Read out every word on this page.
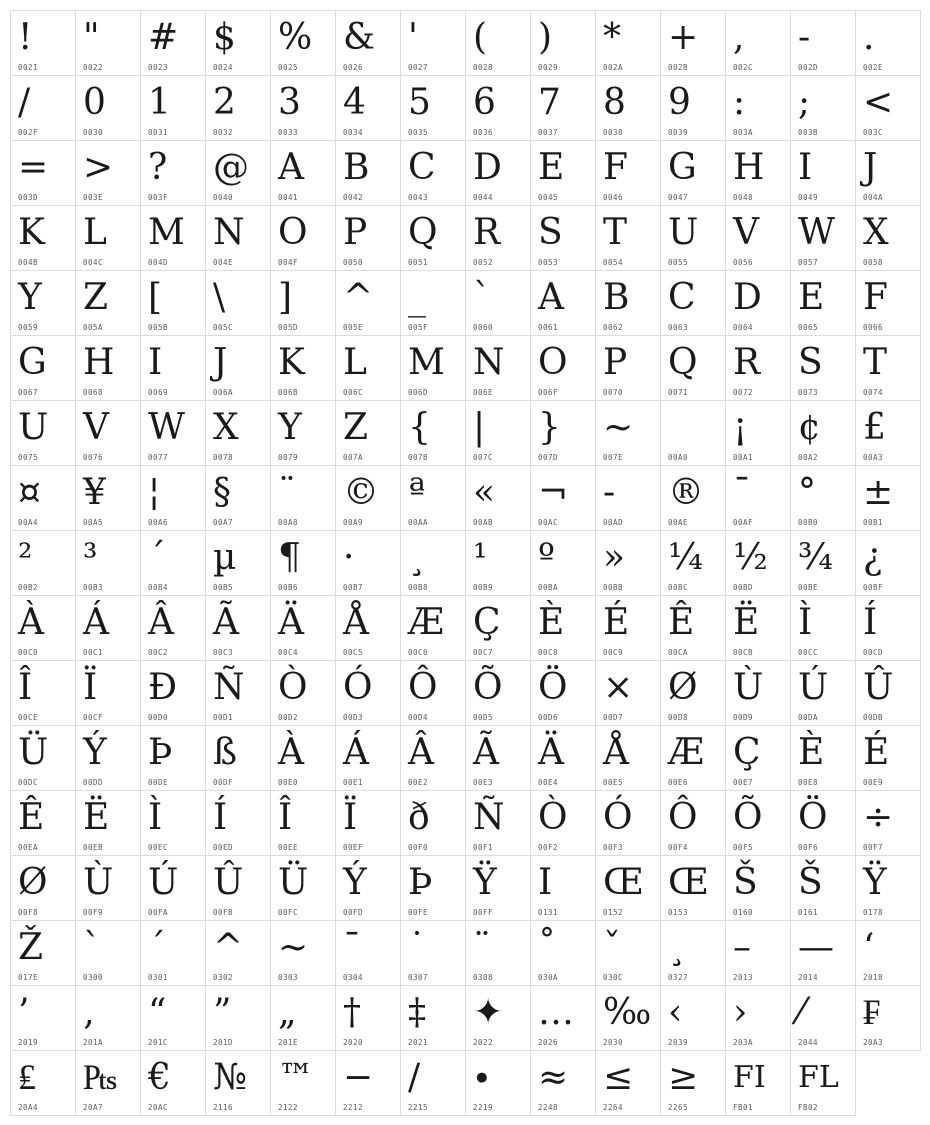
!
0021
"
0022
#
0023
$
0024
%
0025
&
0026
'
0027
(
0028
)
0029
*
002A
+
002B
,
002C
-
002D
.
002E
/
002F
0
0030
1
0031
2
0032
3
0033
4
0034
5
0035
6
0036
7
0037
8
0038
9
0039
:
003A
;
003B
<
003C
=
003D
>
003E
?
003F
@
0040
A
0041
B
0042
C
0043
D
0044
E
0045
F
0046
G
0047
H
0048
I
0049
J
004A
K
004B
L
004C
M
004D
N
004E
O
004F
P
0050
Q
0051
R
0052
S
0053
T
0054
U
0055
V
0056
W
0057
X
0058
Y
0059
Z
005A
[
005B
\
005C
]
005D
^
005E
_
005F
`
0060
A
0061
B
0062
C
0063
D
0064
E
0065
F
0066
G
0067
H
0068
I
0069
J
006A
K
006B
L
006C
M
006D
N
006E
O
006F
P
0070
Q
0071
R
0072
S
0073
T
0074
U
0075
V
0076
W
0077
X
0078
Y
0079
Z
007A
{
007B
|
007C
}
007D
~
007E	00A0
¡
00A1
¢
00A2
£
00A3
¤
00A4
¥
00A5
¦
00A6
§
00A7
¨
00A8
©
00A9
ª
00AA
«
00AB
¬
00AC
-
00AD
®
00AE
¯
00AF
°
00B0
±
00B1
²
00B2
³
00B3
´
00B4
µ
00B5
¶
00B6
·
00B7
¸
00B8
¹
00B9
º
00BA
»
00BB
¼
00BC
½
00BD
¾
00BE
¿
00BF
À
00C0
Á
00C1
Â
00C2
Ã
00C3
Ä
00C4
Å
00C5
Æ
00C6
Ç
00C7
È
00C8
É
00C9
Ê
00CA
Ë
00CB
Ì
00CC
Í
00CD
Î
00CE
Ï
00CF
Ð
00D0
Ñ
00D1
Ò
00D2
Ó
00D3
Ô
00D4
Õ
00D5
Ö
00D6
×
00D7
Ø
00D8
Ù
00D9
Ú
00DA
Û
00DB
Ü
00DC
Ý
00DD
Þ
00DE
ß
00DF
À
00E0
Á
00E1
Â
00E2
Ã
00E3
Ä
00E4
Å
00E5
Æ
00E6
Ç
00E7
È
00E8
É
00E9
Ê
00EA
Ë
00EB
Ì
00EC
Í
00ED
Î
00EE
Ï
00EF
ð
00F0
Ñ
00F1
Ò
00F2
Ó
00F3
Ô
00F4
Õ
00F5
Ö
00F6
÷
00F7
Ø
00F8
Ù
00F9
Ú
00FA
Û
00FB
Ü
00FC
Ý
00FD
Þ
00FE
Ÿ
00FF
I
0131
Œ
0152
Œ
0153
Š
0160
Š
0161
Ÿ
0178
Ž
017E
`
0300
´
0301
^
0302
~
0303
¯
0304
˙
0307
¨
0308
˚
030A
ˇ
030C
¸
0327
–
2013
—
2014
‘
2018
’
2019
‚
201A
“
201C
”
201D
„
201E
†
2020
‡
2021
✦
2022
…
2026
‰
2030
‹
2039
›
203A
⁄
2044
₣
20A3
₤
20A4
₧
20A7
€
20AC
№
2116
™
2122
−
2212
∕
2215
∙
2219
≈
2248
≤
2264
≥
2265
FI
FB01
FL
FB02
